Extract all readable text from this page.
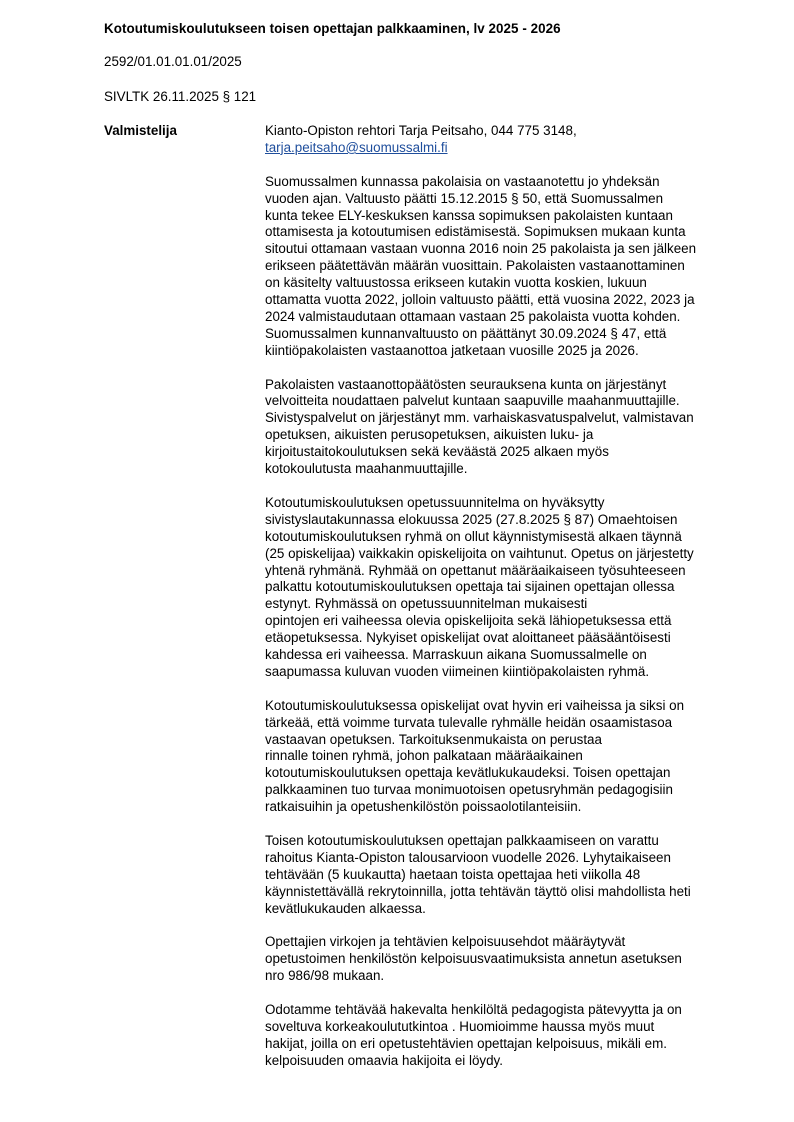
Kotoutumiskoulutukseen toisen opettajan palkkaaminen, lv 2025 - 2026
2592/01.01.01.01/2025
SIVLTK 26.11.2025 § 121
Valmistelija	Kianto-Opiston rehtori Tarja Peitsaho, 044 775 3148,
tarja.peitsaho@suomussalmi.fi
Suomussalmen kunnassa pakolaisia on vastaanotettu jo yhdeksän
vuoden ajan. Valtuusto päätti 15.12.2015 § 50, että Suomussalmen
kunta tekee ELY-keskuksen kanssa sopimuksen pakolaisten kuntaan
ottamisesta ja kotoutumisen edistämisestä. Sopimuksen mukaan kunta
sitoutui ottamaan vastaan vuonna 2016 noin 25 pakolaista ja sen jälkeen
erikseen päätettävän määrän vuosittain. Pakolaisten vastaanottaminen
on käsitelty valtuustossa erikseen kutakin vuotta koskien, lukuun
ottamatta vuotta 2022, jolloin valtuusto päätti, että vuosina 2022, 2023 ja
2024 valmistaudutaan ottamaan vastaan 25 pakolaista vuotta kohden.
Suomussalmen kunnanvaltuusto on päättänyt 30.09.2024 § 47, että
kiintiöpakolaisten vastaanottoa jatketaan vuosille 2025 ja 2026.
Pakolaisten vastaanottopäätösten seurauksena kunta on järjestänyt
velvoitteita noudattaen palvelut kuntaan saapuville maahanmuuttajille.
Sivistyspalvelut on järjestänyt mm. varhaiskasvatuspalvelut, valmistavan
opetuksen, aikuisten perusopetuksen, aikuisten luku- ja
kirjoitustaitokoulutuksen sekä keväästä 2025 alkaen myös
kotokoulutusta maahanmuuttajille.
Kotoutumiskoulutuksen opetussuunnitelma on hyväksytty
sivistyslautakunnassa elokuussa 2025 (27.8.2025 § 87) Omaehtoisen
kotoutumiskoulutuksen ryhmä on ollut käynnistymisestä alkaen täynnä
(25 opiskelijaa) vaikkakin opiskelijoita on vaihtunut. Opetus on järjestetty
yhtenä ryhmänä. Ryhmää on opettanut määräaikaiseen työsuhteeseen
palkattu kotoutumiskoulutuksen opettaja tai sijainen opettajan ollessa
estynyt. Ryhmässä on opetussuunnitelman mukaisesti
opintojen eri vaiheessa olevia opiskelijoita sekä lähiopetuksessa että
etäopetuksessa. Nykyiset opiskelijat ovat aloittaneet pääsääntöisesti
kahdessa eri vaiheessa. Marraskuun aikana Suomussalmelle on
saapumassa kuluvan vuoden viimeinen kiintiöpakolaisten ryhmä.
Kotoutumiskoulutuksessa opiskelijat ovat hyvin eri vaiheissa ja siksi on
tärkeää, että voimme turvata tulevalle ryhmälle heidän osaamistasoa
vastaavan opetuksen. Tarkoituksenmukaista on perustaa
rinnalle toinen ryhmä, johon palkataan määräaikainen
kotoutumiskoulutuksen opettaja kevätlukukaudeksi. Toisen opettajan
palkkaaminen tuo turvaa monimuotoisen opetusryhmän pedagogisiin
ratkaisuihin ja opetushenkilöstön poissaolotilanteisiin.
Toisen kotoutumiskoulutuksen opettajan palkkaamiseen on varattu
rahoitus Kianta-Opiston talousarvioon vuodelle 2026. Lyhytaikaiseen
tehtävään (5 kuukautta) haetaan toista opettajaa heti viikolla 48
käynnistettävällä rekrytoinnilla, jotta tehtävän täyttö olisi mahdollista heti
kevätlukukauden alkaessa.
Opettajien virkojen ja tehtävien kelpoisuusehdot määräytyvät
opetustoimen henkilöstön kelpoisuusvaatimuksista annetun asetuksen
nro 986/98 mukaan.
Odotamme tehtävää hakevalta henkilöltä pedagogista pätevyytta ja on
soveltuva korkeakoulututkintoa . Huomioimme haussa myös muut
hakijat, joilla on eri opetustehtävien opettajan kelpoisuus, mikäli em.
kelpoisuuden omaavia hakijoita ei löydy.
